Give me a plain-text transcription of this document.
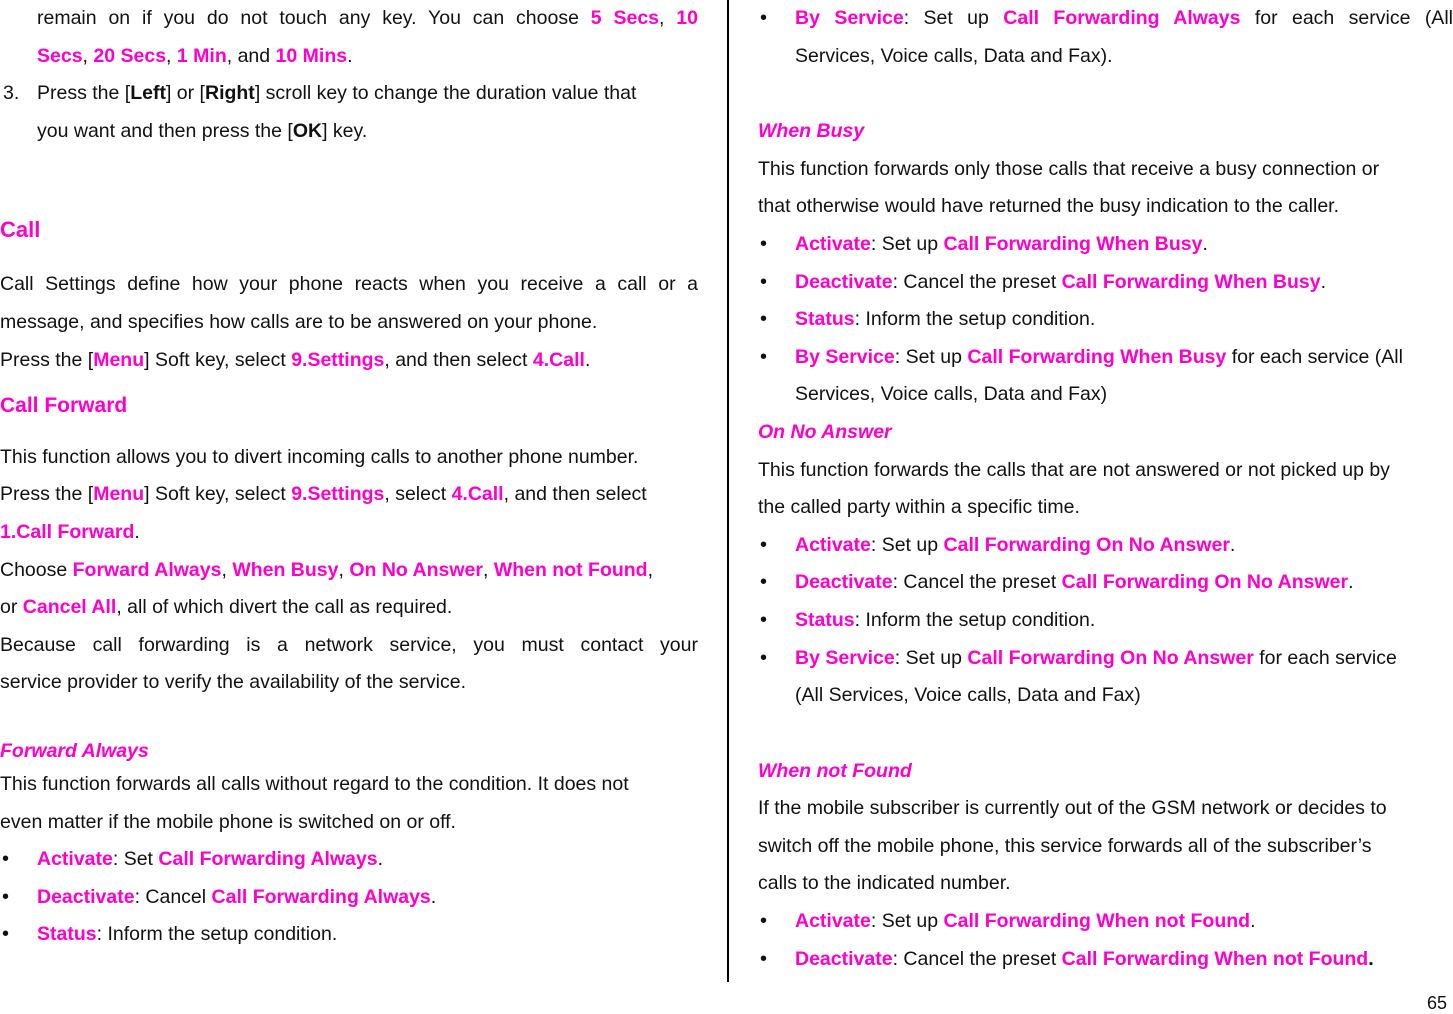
remain on if you do not touch any key. You can choose 5 Secs, 10
Secs, 20 Secs, 1 Min, and 10 Mins.
3. Press the [Left] or [Right] scroll key to change the duration value that
you want and then press the [OK] key.
Call
Call Settings define how your phone reacts when you receive a call or a
message, and specifies how calls are to be answered on your phone.
Press the [Menu] Soft key, select 9.Settings, and then select 4.Call.
Call Forward
This function allows you to divert incoming calls to another phone number.
Press the [Menu] Soft key, select 9.Settings, select 4.Call, and then select
1.Call Forward.
Choose Forward Always, When Busy, On No Answer, When not Found,
or Cancel All, all of which divert the call as required.
Because call forwarding is a network service, you must contact your
service provider to verify the availability of the service.
Forward Always
This function forwards all calls without regard to the condition. It does not
even matter if the mobile phone is switched on or off.
• Activate: Set Call Forwarding Always.
• Deactivate: Cancel Call Forwarding Always.
• Status: Inform the setup condition.
• By Service: Set up Call Forwarding Always for each service (All
Services, Voice calls, Data and Fax).
When Busy
This function forwards only those calls that receive a busy connection or
that otherwise would have returned the busy indication to the caller.
• Activate: Set up Call Forwarding When Busy.
• Deactivate: Cancel the preset Call Forwarding When Busy.
• Status: Inform the setup condition.
• By Service: Set up Call Forwarding When Busy for each service (All
Services, Voice calls, Data and Fax)
On No Answer
This function forwards the calls that are not answered or not picked up by
the called party within a specific time.
• Activate: Set up Call Forwarding On No Answer.
• Deactivate: Cancel the preset Call Forwarding On No Answer.
• Status: Inform the setup condition.
• By Service: Set up Call Forwarding On No Answer for each service
(All Services, Voice calls, Data and Fax)
When not Found
If the mobile subscriber is currently out of the GSM network or decides to
switch off the mobile phone, this service forwards all of the subscriber’s
calls to the indicated number.
• Activate: Set up Call Forwarding When not Found.
• Deactivate: Cancel the preset Call Forwarding When not Found.
65
